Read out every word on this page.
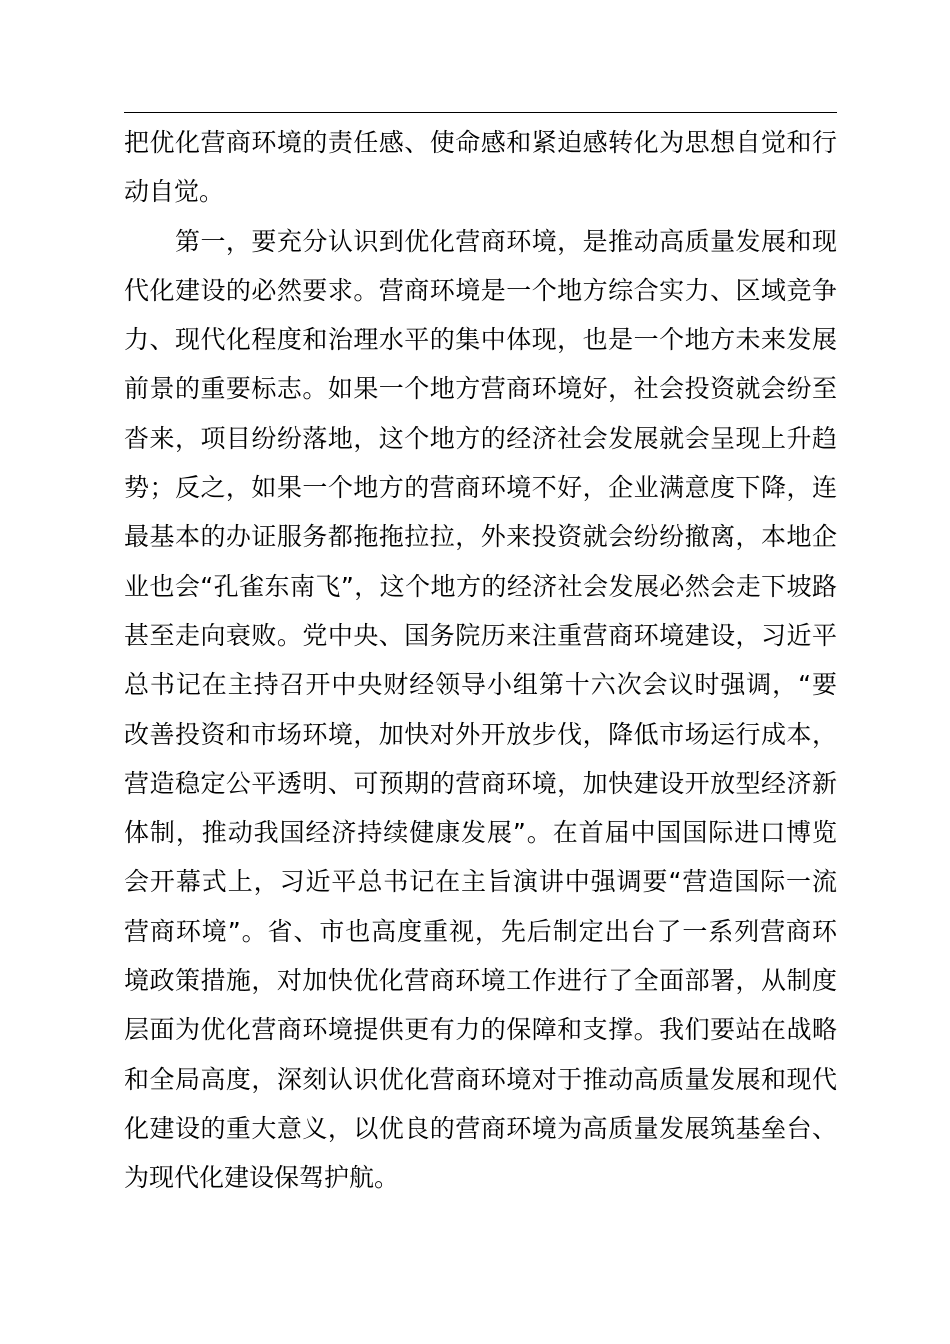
把优化营商环境的责任感、使命感和紧迫感转化为思想自觉和行
动自觉。
　　第一，要充分认识到优化营商环境，是推动高质量发展和现
代化建设的必然要求。营商环境是一个地方综合实力、区域竞争
力、现代化程度和治理水平的集中体现，也是一个地方未来发展
前景的重要标志。如果一个地方营商环境好，社会投资就会纷至
沓来，项目纷纷落地，这个地方的经济社会发展就会呈现上升趋
势；反之，如果一个地方的营商环境不好，企业满意度下降，连
最基本的办证服务都拖拖拉拉，外来投资就会纷纷撤离，本地企
业也会“孔雀东南飞”，这个地方的经济社会发展必然会走下坡路
甚至走向衰败。党中央、国务院历来注重营商环境建设，习近平
总书记在主持召开中央财经领导小组第十六次会议时强调，“要
改善投资和市场环境，加快对外开放步伐，降低市场运行成本，
营造稳定公平透明、可预期的营商环境，加快建设开放型经济新
体制，推动我国经济持续健康发展”。在首届中国国际进口博览
会开幕式上，习近平总书记在主旨演讲中强调要“营造国际一流
营商环境”。省、市也高度重视，先后制定出台了一系列营商环
境政策措施，对加快优化营商环境工作进行了全面部署，从制度
层面为优化营商环境提供更有力的保障和支撑。我们要站在战略
和全局高度，深刻认识优化营商环境对于推动高质量发展和现代
化建设的重大意义，以优良的营商环境为高质量发展筑基垒台、
为现代化建设保驾护航。
